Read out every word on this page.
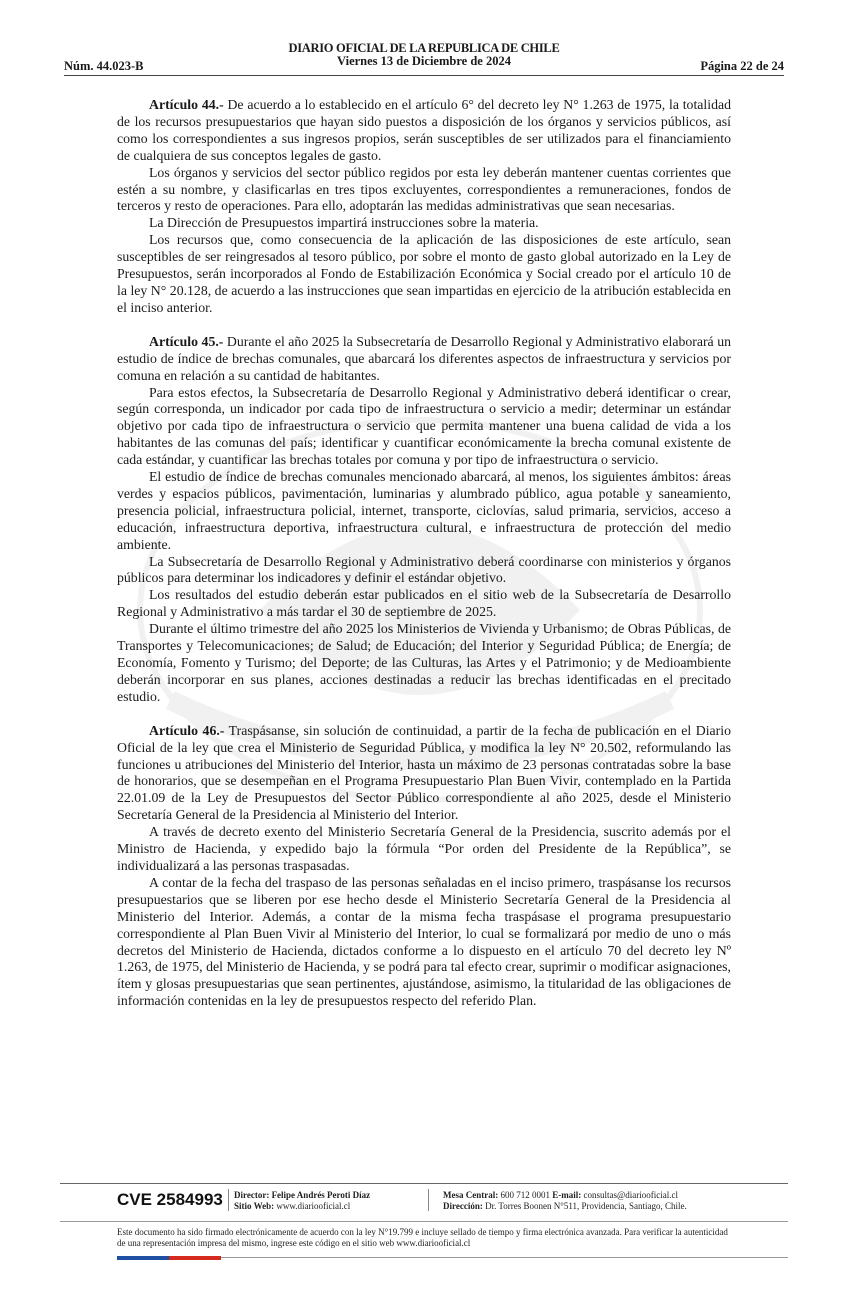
Núm. 44.023-B
DIARIO OFICIAL DE LA REPUBLICA DE CHILE
Viernes 13 de Diciembre de 2024	Página 22 de 24

Artículo 44.- De acuerdo a lo establecido en el artículo 6° del decreto ley N° 1.263 de 1975, la totalidad de los recursos presupuestarios que hayan sido puestos a disposición de los órganos y servicios públicos, así como los correspondientes a sus ingresos propios, serán susceptibles de ser utilizados para el financiamiento de cualquiera de sus conceptos legales de gasto.

Los órganos y servicios del sector público regidos por esta ley deberán mantener cuentas corrientes que estén a su nombre, y clasificarlas en tres tipos excluyentes, correspondientes a remuneraciones, fondos de terceros y resto de operaciones. Para ello, adoptarán las medidas administrativas que sean necesarias.

La Dirección de Presupuestos impartirá instrucciones sobre la materia.

Los recursos que, como consecuencia de la aplicación de las disposiciones de este artículo, sean susceptibles de ser reingresados al tesoro público, por sobre el monto de gasto global autorizado en la Ley de Presupuestos, serán incorporados al Fondo de Estabilización Económica y Social creado por el artículo 10 de la ley N° 20.128, de acuerdo a las instrucciones que sean impartidas en ejercicio de la atribución establecida en el inciso anterior.

Artículo 45.- Durante el año 2025 la Subsecretaría de Desarrollo Regional y Administrativo elaborará un estudio de índice de brechas comunales, que abarcará los diferentes aspectos de infraestructura y servicios por comuna en relación a su cantidad de habitantes.

Para estos efectos, la Subsecretaría de Desarrollo Regional y Administrativo deberá identificar o crear, según corresponda, un indicador por cada tipo de infraestructura o servicio a medir; determinar un estándar objetivo por cada tipo de infraestructura o servicio que permita mantener una buena calidad de vida a los habitantes de las comunas del país; identificar y cuantificar económicamente la brecha comunal existente de cada estándar, y cuantificar las brechas totales por comuna y por tipo de infraestructura o servicio.

El estudio de índice de brechas comunales mencionado abarcará, al menos, los siguientes ámbitos: áreas verdes y espacios públicos, pavimentación, luminarias y alumbrado público, agua potable y saneamiento, presencia policial, infraestructura policial, internet, transporte, ciclovías, salud primaria, servicios, acceso a educación, infraestructura deportiva, infraestructura cultural, e infraestructura de protección del medio ambiente.

La Subsecretaría de Desarrollo Regional y Administrativo deberá coordinarse con ministerios y órganos públicos para determinar los indicadores y definir el estándar objetivo.

Los resultados del estudio deberán estar publicados en el sitio web de la Subsecretaría de Desarrollo Regional y Administrativo a más tardar el 30 de septiembre de 2025.

Durante el último trimestre del año 2025 los Ministerios de Vivienda y Urbanismo; de Obras Públicas, de Transportes y Telecomunicaciones; de Salud; de Educación; del Interior y Seguridad Pública; de Energía; de Economía, Fomento y Turismo; del Deporte; de las Culturas, las Artes y el Patrimonio; y de Medioambiente deberán incorporar en sus planes, acciones destinadas a reducir las brechas identificadas en el precitado estudio.

Artículo 46.- Traspásanse, sin solución de continuidad, a partir de la fecha de publicación en el Diario Oficial de la ley que crea el Ministerio de Seguridad Pública, y modifica la ley N° 20.502, reformulando las funciones u atribuciones del Ministerio del Interior, hasta un máximo de 23 personas contratadas sobre la base de honorarios, que se desempeñan en el Programa Presupuestario Plan Buen Vivir, contemplado en la Partida 22.01.09 de la Ley de Presupuestos del Sector Público correspondiente al año 2025, desde el Ministerio Secretaría General de la Presidencia al Ministerio del Interior.

A través de decreto exento del Ministerio Secretaría General de la Presidencia, suscrito además por el Ministro de Hacienda, y expedido bajo la fórmula “Por orden del Presidente de la República”, se individualizará a las personas traspasadas.

A contar de la fecha del traspaso de las personas señaladas en el inciso primero, traspásanse los recursos presupuestarios que se liberen por ese hecho desde el Ministerio Secretaría General de la Presidencia al Ministerio del Interior. Además, a contar de la misma fecha traspásase el programa presupuestario correspondiente al Plan Buen Vivir al Ministerio del Interior, lo cual se formalizará por medio de uno o más decretos del Ministerio de Hacienda, dictados conforme a lo dispuesto en el artículo 70 del decreto ley Nº 1.263, de 1975, del Ministerio de Hacienda, y se podrá para tal efecto crear, suprimir o modificar asignaciones, ítem y glosas presupuestarias que sean pertinentes, ajustándose, asimismo, la titularidad de las obligaciones de información contenidas en la ley de presupuestos respecto del referido Plan.

CVE 2584993 Director: Felipe Andrés Peroti Díaz
Sitio Web: www.diariooficial.cl
Mesa Central: 600 712 0001 E-mail: consultas@diariooficial.cl
Dirección: Dr. Torres Boonen N°511, Providencia, Santiago, Chile.
Este documento ha sido firmado electrónicamente de acuerdo con la ley N°19.799 e incluye sellado de tiempo y firma electrónica avanzada. Para verificar la autenticidad de una representación impresa del mismo, ingrese este código en el sitio web www.diariooficial.cl
